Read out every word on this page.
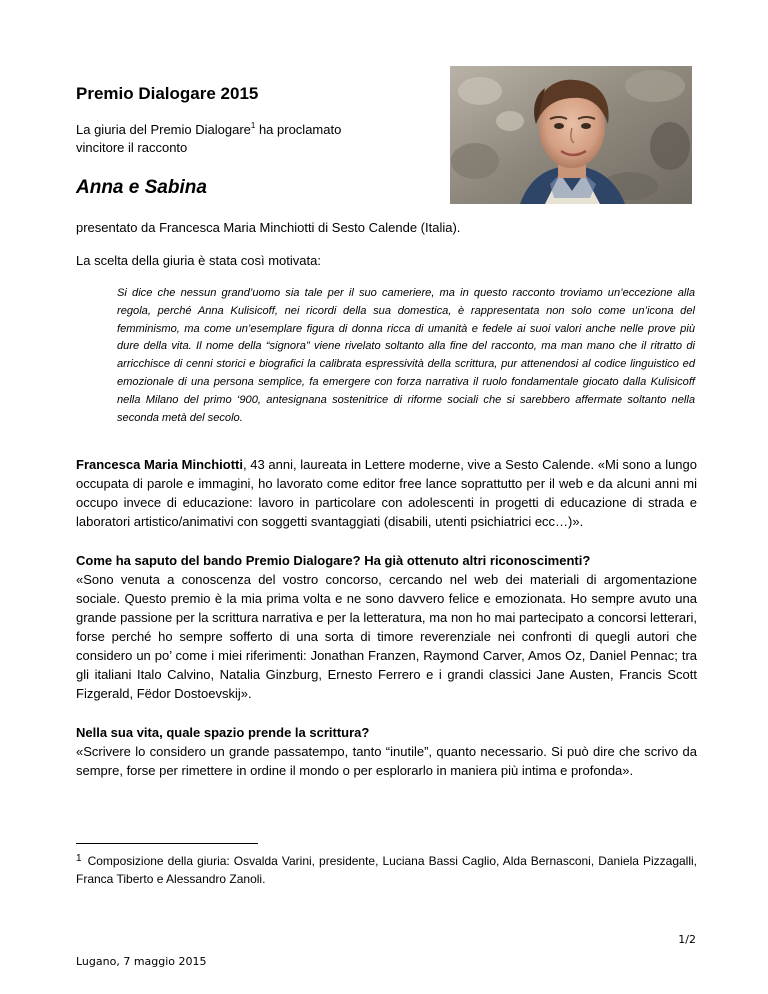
Premio Dialogare 2015
La giuria del Premio Dialogare$^1$ ha proclamato
vincitore il racconto
Anna e Sabina
presentato da Francesca Maria Minchiotti di Sesto Calende (Italia).
La scelta della giuria è stata così motivata:
Si dice che nessun grand’uomo sia tale per il suo cameriere, ma in questo racconto troviamo un’eccezione alla regola, perché Anna Kulisicoff, nei ricordi della sua domestica, è rappresentata non solo come un’icona del femminismo, ma come un’esemplare figura di donna ricca di umanità e fedele ai suoi valori anche nelle prove più dure della vita. Il nome della “signora” viene rivelato soltanto alla fine del racconto, ma man mano che il ritratto di arricchisce di cenni storici e biografici la calibrata espressività della scrittura, pur attenendosi al codice linguistico ed emozionale di una persona semplice, fa emergere con forza narrativa il ruolo fondamentale giocato dalla Kulisicoff nella Milano del primo ‘900, antesignana sostenitrice di riforme sociali che si sarebbero affermate soltanto nella seconda metà del secolo.
Francesca Maria Minchiotti, 43 anni, laureata in Lettere moderne, vive a Sesto Calende. «Mi sono a lungo occupata di parole e immagini, ho lavorato come editor free lance soprattutto per il web e da alcuni anni mi occupo invece di educazione: lavoro in particolare con adolescenti in progetti di educazione di strada e laboratori artistico/animativi con soggetti svantaggiati (disabili, utenti psichiatrici ecc…)».
Come ha saputo del bando Premio Dialogare? Ha già ottenuto altri riconoscimenti?
«Sono venuta a conoscenza del vostro concorso, cercando nel web dei materiali di argomentazione sociale. Questo premio è la mia prima volta e ne sono davvero felice e emozionata. Ho sempre avuto una grande passione per la scrittura narrativa e per la letteratura, ma non ho mai partecipato a concorsi letterari, forse perché ho sempre sofferto di una sorta di timore reverenziale nei confronti di quegli autori che considero un po’ come i miei riferimenti: Jonathan Franzen, Raymond Carver, Amos Oz, Daniel Pennac; tra gli italiani Italo Calvino, Natalia Ginzburg, Ernesto Ferrero e i grandi classici Jane Austen, Francis Scott Fizgerald, Fëdor Dostoevskij».
Nella sua vita, quale spazio prende la scrittura?
«Scrivere lo considero un grande passatempo, tanto “inutile”, quanto necessario. Si può dire che scrivo da sempre, forse per rimettere in ordine il mondo o per esplorarlo in maniera più intima e profonda».
$^1$ Composizione della giuria: Osvalda Varini, presidente, Luciana Bassi Caglio, Alda Bernasconi, Daniela Pizzagalli, Franca Tiberto e Alessandro Zanoli.
1/2
Lugano, 7 maggio 2015
